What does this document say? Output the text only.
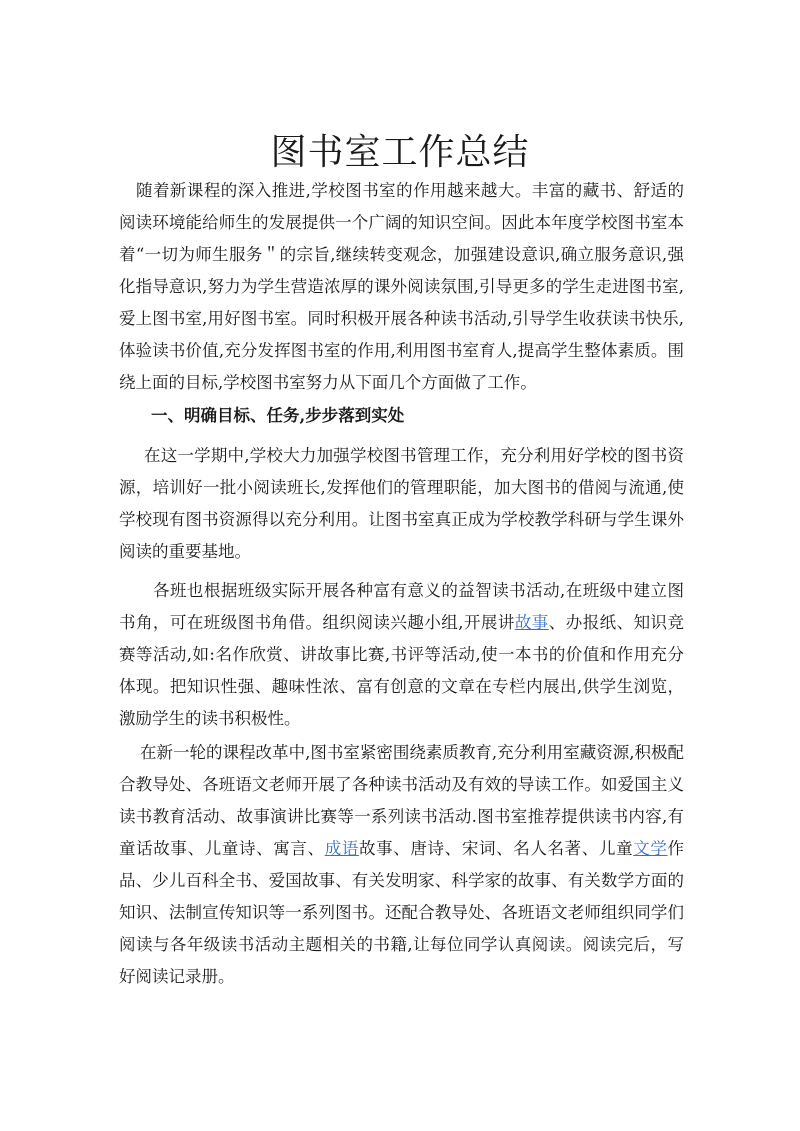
图书室工作总结

随着新课程的深入推进,学校图书室的作用越来越大。丰富的藏书、舒适的阅读环境能给师生的发展提供一个广阔的知识空间。因此本年度学校图书室本着“一切为师生服务＂的宗旨,继续转变观念，加强建设意识,确立服务意识,强化指导意识,努力为学生营造浓厚的课外阅读氛围,引导更多的学生走进图书室,爱上图书室,用好图书室。同时积极开展各种读书活动,引导学生收获读书快乐,体验读书价值,充分发挥图书室的作用,利用图书室育人,提高学生整体素质。围绕上面的目标,学校图书室努力从下面几个方面做了工作。

一、明确目标、任务,步步落到实处

在这一学期中,学校大力加强学校图书管理工作，充分利用好学校的图书资源，培训好一批小阅读班长,发挥他们的管理职能，加大图书的借阅与流通,使学校现有图书资源得以充分利用。让图书室真正成为学校教学科研与学生课外阅读的重要基地。

各班也根据班级实际开展各种富有意义的益智读书活动,在班级中建立图书角，可在班级图书角借。组织阅读兴趣小组,开展讲故事、办报纸、知识竞赛等活动,如:名作欣赏、讲故事比赛,书评等活动,使一本书的价值和作用充分体现。把知识性强、趣味性浓、富有创意的文章在专栏内展出,供学生浏览，激励学生的读书积极性。

在新一轮的课程改革中,图书室紧密围绕素质教育,充分利用室藏资源,积极配合教导处、各班语文老师开展了各种读书活动及有效的导读工作。如爱国主义读书教育活动、故事演讲比赛等一系列读书活动.图书室推荐提供读书内容,有童话故事、儿童诗、寓言、成语故事、唐诗、宋词、名人名著、儿童文学作品、少儿百科全书、爱国故事、有关发明家、科学家的故事、有关数学方面的知识、法制宣传知识等一系列图书。还配合教导处、各班语文老师组织同学们阅读与各年级读书活动主题相关的书籍,让每位同学认真阅读。阅读完后，写好阅读记录册。
